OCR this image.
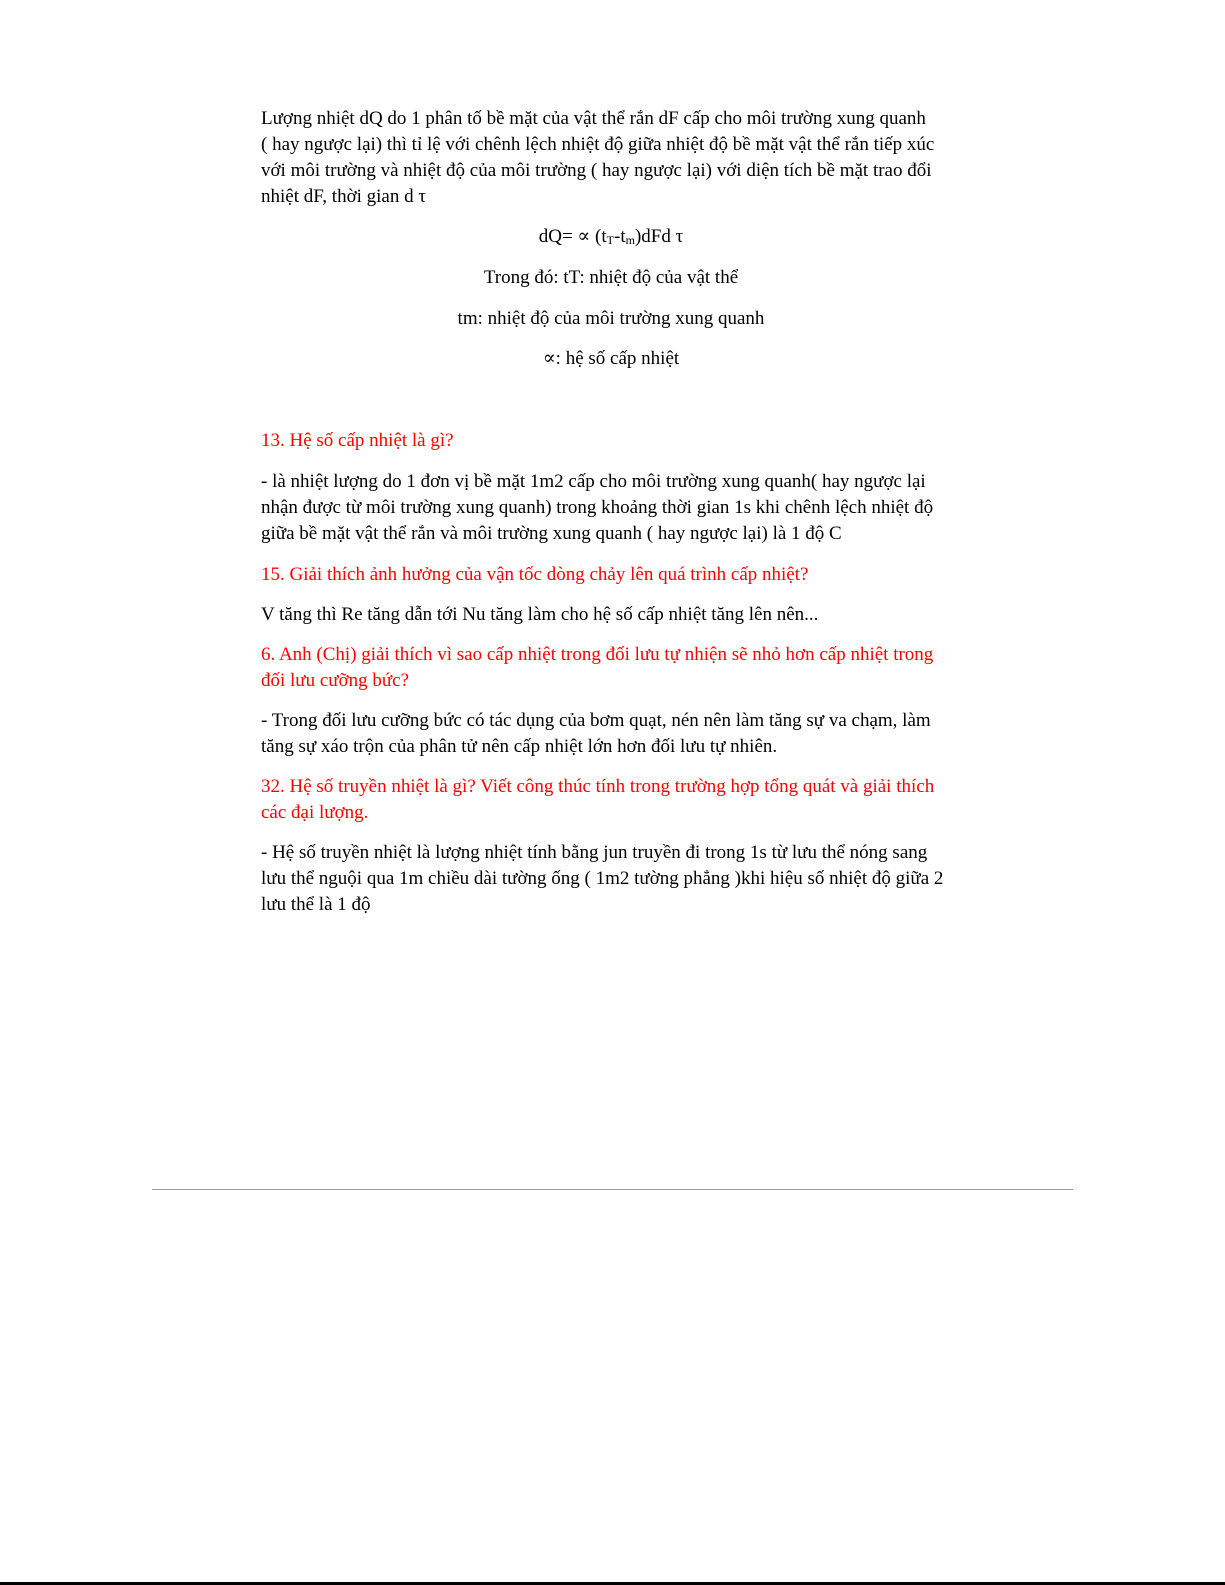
Lượng nhiệt dQ do 1 phân tố bề mặt của vật thể rắn dF cấp cho môi trường xung quanh

( hay ngược lại) thì tỉ lệ với chênh lệch nhiệt độ giữa nhiệt độ bề mặt vật thể rắn tiếp xúc

với môi trường và nhiệt độ của môi trường ( hay ngược lại) với diện tích bề mặt trao đổi

nhiệt dF, thời gian d τ

dQ= ∝ (tT-tm)dFd τ

Trong đó: tT: nhiệt độ của vật thể

tm: nhiệt độ của môi trường xung quanh

∝: hệ số cấp nhiệt

13. Hệ số cấp nhiệt là gì?

- là nhiệt lượng do 1 đơn vị bề mặt 1m2 cấp cho môi trường xung quanh( hay ngược lại

nhận được từ môi trường xung quanh) trong khoảng thời gian 1s khi chênh lệch nhiệt độ

giữa bề mặt vật thể rắn và môi trường xung quanh ( hay ngược lại) là 1 độ C

15. Giải thích ảnh hưởng của vận tốc dòng chảy lên quá trình cấp nhiệt?

V tăng thì Re tăng dẫn tới Nu tăng làm cho hệ số cấp nhiệt tăng lên nên...

6. Anh (Chị) giải thích vì sao cấp nhiệt trong đối lưu tự nhiện sẽ nhỏ hơn cấp nhiệt trong

đối lưu cưỡng bức?

- Trong đối lưu cưỡng bức có tác dụng của bơm quạt, nén nên làm tăng sự va chạm, làm

tăng sự xáo trộn của phân tử nên cấp nhiệt lớn hơn đối lưu tự nhiên.

32. Hệ số truyền nhiệt là gì? Viết công thúc tính trong trường hợp tổng quát và giải thích

các đại lượng.

- Hệ số truyền nhiệt là lượng nhiệt tính bằng jun truyền đi trong 1s từ lưu thể nóng sang

lưu thể nguội qua 1m chiều dài tường ống ( 1m2 tường phẳng )khi hiệu số nhiệt độ giữa 2

lưu thể là 1 độ
